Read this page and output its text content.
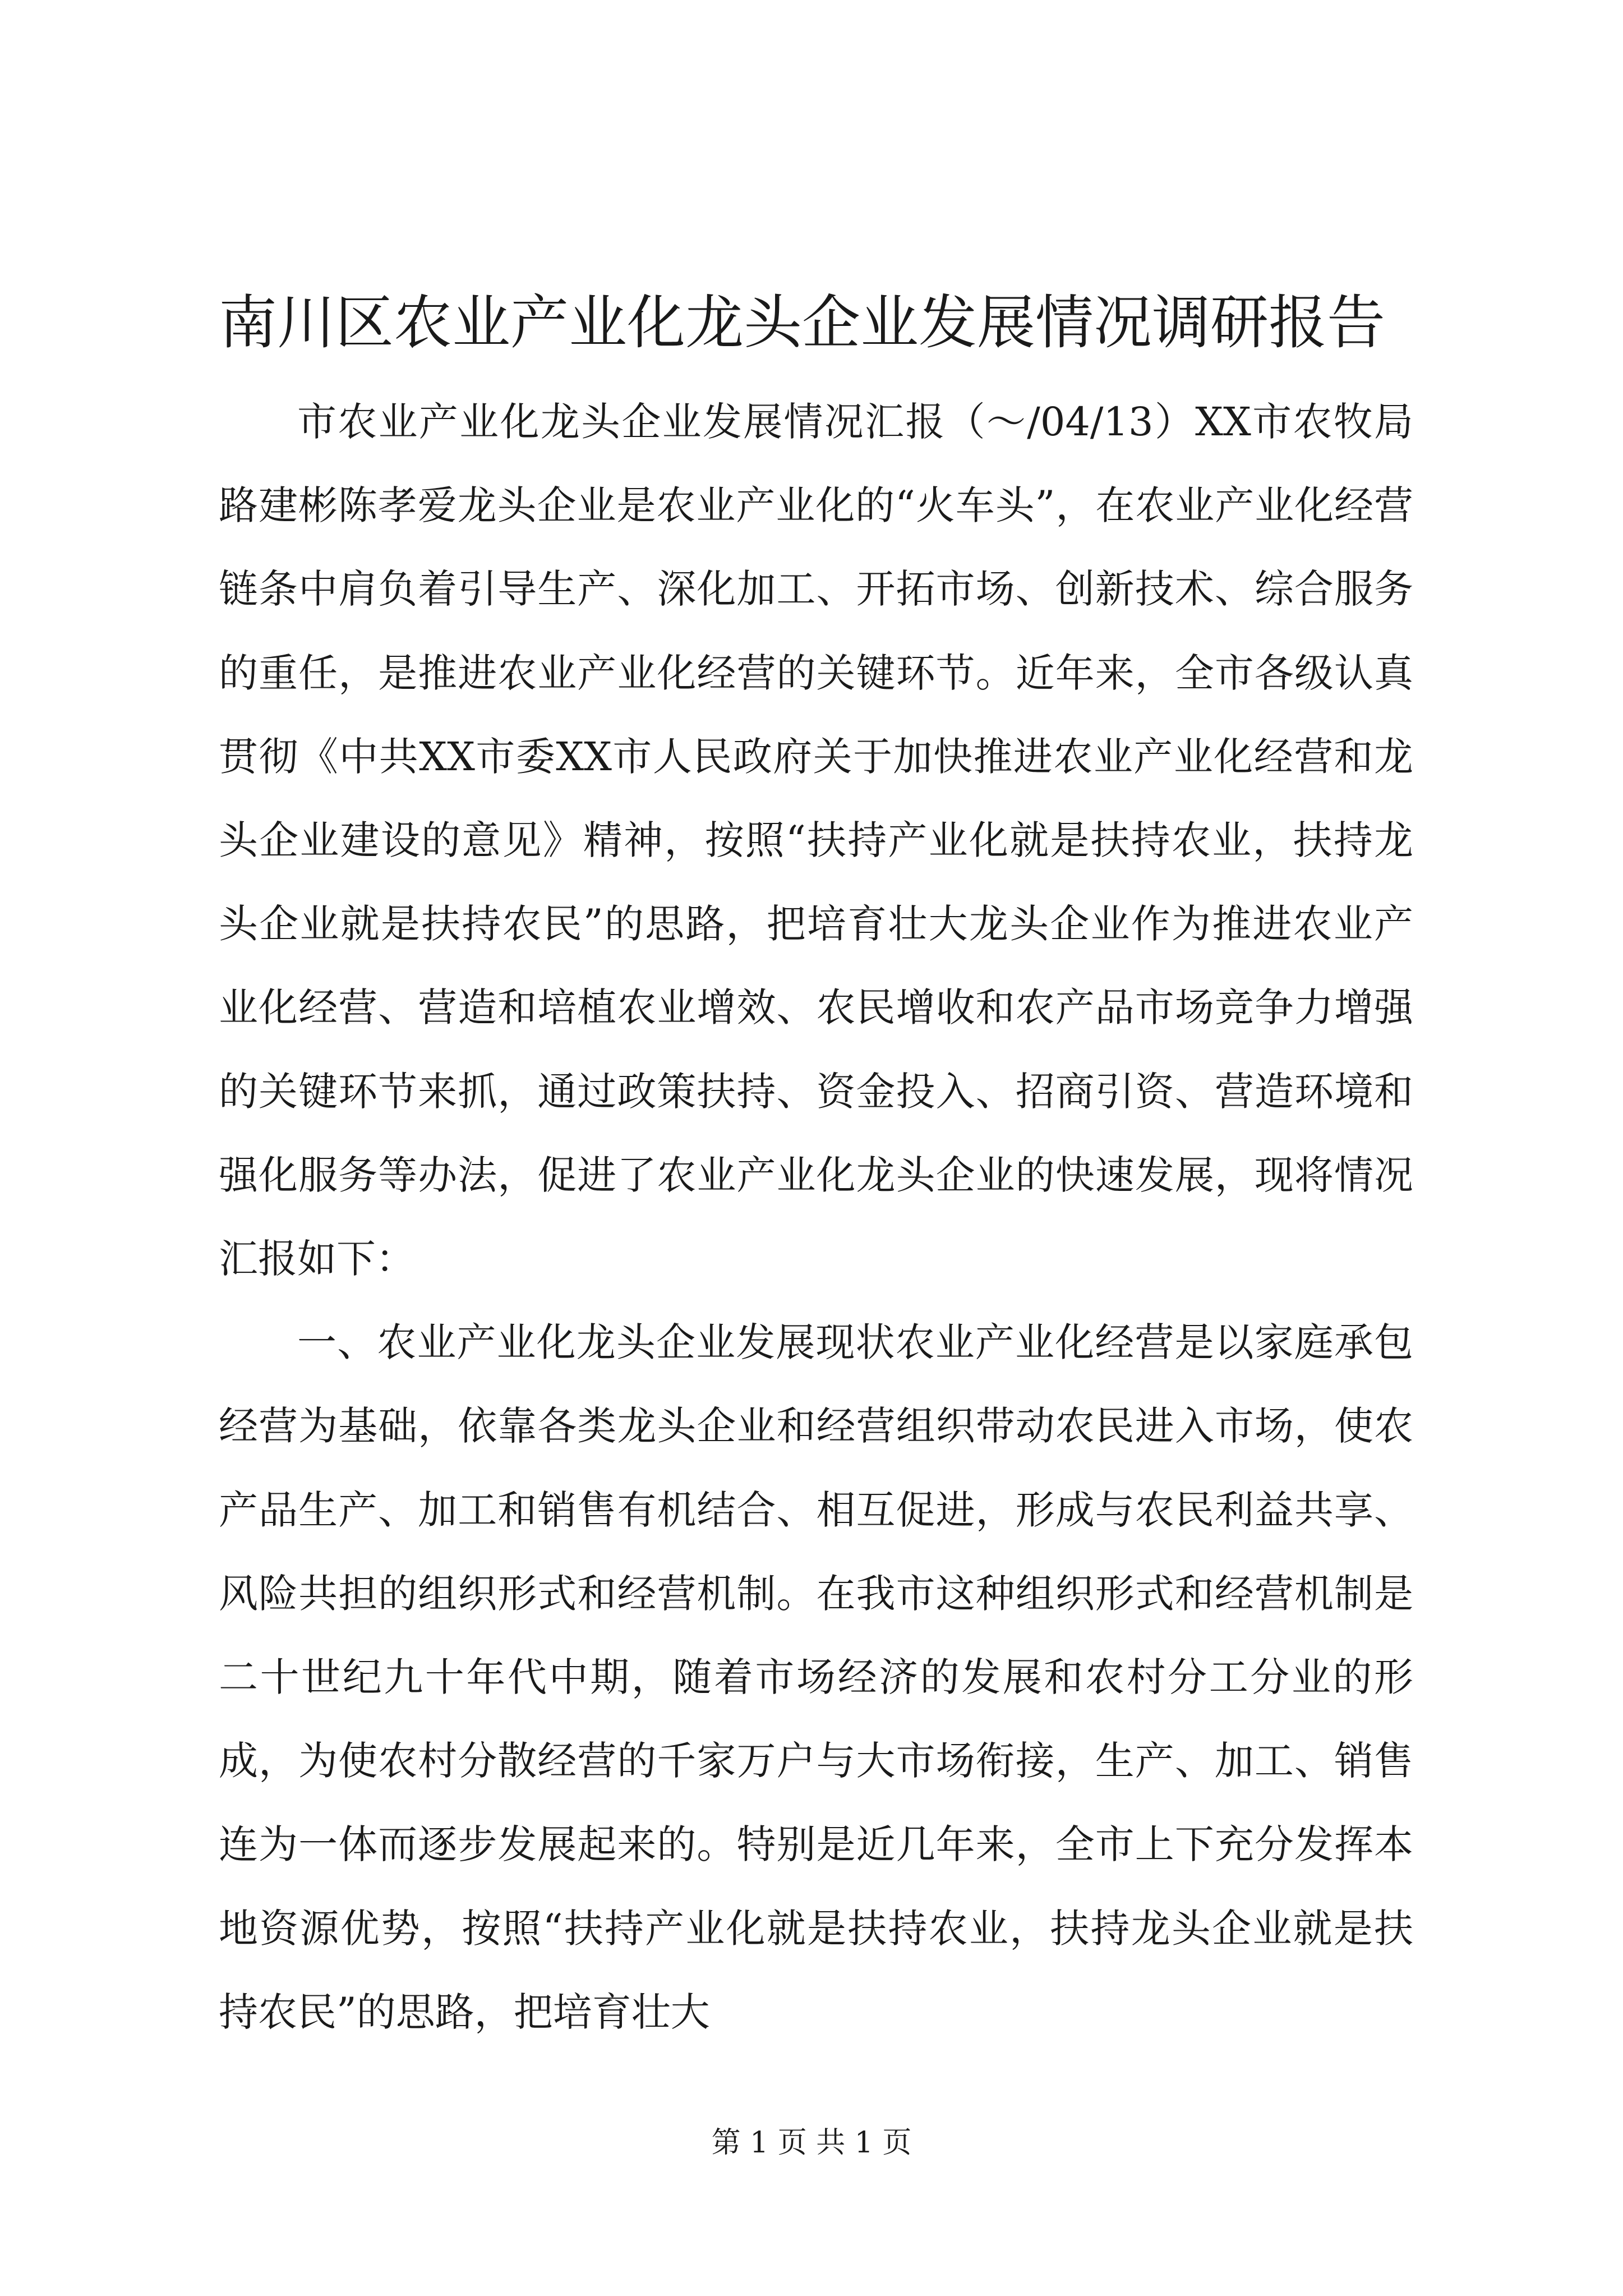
南川区农业产业化龙头企业发展情况调研报告

市农业产业化龙头企业发展情况汇报（～/04/13）XX市农牧局路建彬陈孝爱龙头企业是农业产业化的“火车头”，在农业产业化经营链条中肩负着引导生产、深化加工、开拓市场、创新技术、综合服务的重任，是推进农业产业化经营的关键环节。近年来，全市各级认真贯彻《中共XX市委XX市人民政府关于加快推进农业产业化经营和龙头企业建设的意见》精神，按照“扶持产业化就是扶持农业，扶持龙头企业就是扶持农民”的思路，把培育壮大龙头企业作为推进农业产业化经营、营造和培植农业增效、农民增收和农产品市场竞争力增强的关键环节来抓，通过政策扶持、资金投入、招商引资、营造环境和强化服务等办法，促进了农业产业化龙头企业的快速发展，现将情况汇报如下：

一、农业产业化龙头企业发展现状农业产业化经营是以家庭承包经营为基础，依靠各类龙头企业和经营组织带动农民进入市场，使农产品生产、加工和销售有机结合、相互促进，形成与农民利益共享、风险共担的组织形式和经营机制。在我市这种组织形式和经营机制是二十世纪九十年代中期，随着市场经济的发展和农村分工分业的形成，为使农村分散经营的千家万户与大市场衔接，生产、加工、销售连为一体而逐步发展起来的。特别是近几年来，全市上下充分发挥本地资源优势，按照“扶持产业化就是扶持农业，扶持龙头企业就是扶持农民”的思路，把培育壮大

第 1 页 共 1 页
